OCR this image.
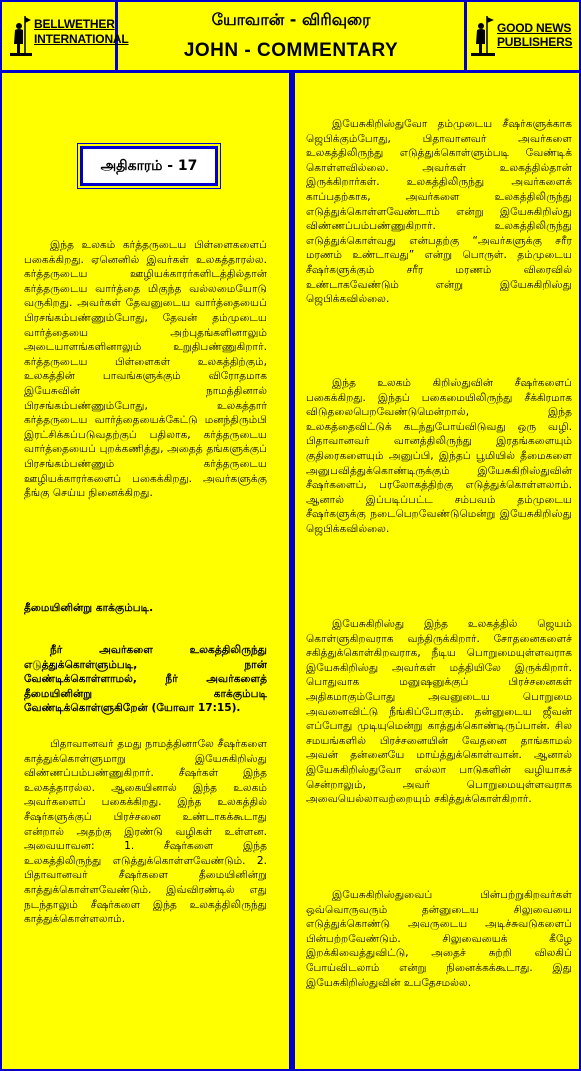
BELLWETHER
INTERNATIONAL
யோவான் - விரிவுரை
JOHN - COMMENTARY
GOOD NEWS
PUBLISHERS
அதிகாரம் - 17

இந்த உலகம் கர்த்தருடைய பிள்ளைகளைப் பகைக்கிறது. ஏனெனில் இவர்கள் உலகத்தாரல்ல. கர்த்தருடைய ஊழியக்காரர்களிடத்தில்தான் கர்த்தருடைய வார்த்தை மிகுந்த வல்லமையோடு வருகிறது. அவர்கள் தேவனுடைய வார்த்தையைப் பிரசங்கம்பண்ணும்போது, தேவன் தம்முடைய வார்த்தையை அற்புதங்களினாலும் அடையாளங்களினாலும் உறுதிபண்ணுகிறார். கர்த்தருடைய பிள்ளைகள் உலகத்திற்கும், உலகத்தின் பாவங்களுக்கும் விரோதமாக இயேசுவின் நாமத்தினால் பிரசங்கம்பண்ணும்போது, உலகத்தார் கர்த்தருடைய வார்த்தையைக்கேட்டு மனந்திரும்பி இரட்சிக்கப்படுவதற்குப் பதிலாக, கர்த்தருடைய வார்த்தையைப் புறக்கணித்து, அதைத் தங்களுக்குப் பிரசங்கம்பண்ணும் கர்த்தருடைய ஊழியக்காரர்களைப் பகைக்கிறது. அவர்களுக்கு தீங்கு செய்ய நினைக்கிறது.

தீமையினின்று காக்கும்படி.

நீர் அவர்களை உலகத்திலிருந்து எடுத்துக்கொள்ளும்படி, நான் வேண்டிக்கொள்ளாமல், நீர் அவர்களைத் தீமையினின்று காக்கும்படி வேண்டிக்கொள்ளுகிறேன் (யோவா 17:15).

பிதாவானவர் தமது நாமத்தினாலே சீஷர்களை காத்துக்கொள்ளுமாறு இயேசுகிறிஸ்து விண்ணப்பம்பண்ணுகிறார். சீஷர்கள் இந்த உலகத்தாரல்ல. ஆகையினால் இந்த உலகம் அவர்களைப் பகைக்கிறது. இந்த உலகத்தில் சீஷர்களுக்குப் பிரச்சனை உண்டாகக்கூடாது என்றால் அதற்கு இரண்டு வழிகள் உள்ளன. அவையாவன: 1. சீஷர்களை இந்த உலகத்திலிருந்து எடுத்துக்கொள்ளவேண்டும். 2. பிதாவானவர் சீஷர்களை தீமையினின்று காத்துக்கொள்ளவேண்டும். இவ்விரண்டில் எது நடந்தாலும் சீஷர்களை இந்த உலகத்திலிருந்து காத்துக்கொள்ளலாம்.

இயேசுகிறிஸ்துவோ தம்முடைய சீஷர்களுக்காக ஜெபிக்கும்போது, பிதாவானவர் அவர்களை உலகத்திலிருந்து எடுத்துக்கொள்ளும்படி வேண்டிக் கொள்ளவில்லை. அவர்கள் உலகத்தில்தான் இருக்கிறார்கள். உலகத்திலிருந்து அவர்களைக் காப்பதற்காக, அவர்களை உலகத்திலிருந்து எடுத்துக்கொள்ளவேண்டாம் என்று இயேசுகிறிஸ்து விண்ணப்பம்பண்ணுகிறார். உலகத்திலிருந்து எடுத்துக்கொள்வது என்பதற்கு “அவர்களுக்கு சரீர மரணம் உண்டாவது” என்று பொருள். தம்முடைய சீஷர்களுக்கும் சரீர மரணம் விரைவில் உண்டாகவேண்டும் என்று இயேசுகிறிஸ்து ஜெபிக்கவில்லை.

இந்த உலகம் கிறிஸ்துவின் சீஷர்களைப் பகைக்கிறது. இந்தப் பகைமையிலிருந்து சீக்கிரமாக விடுதலைபெறவேண்டுமென்றால், இந்த உலகத்தைவிட்டுக் கடந்துபோய்விடுவது ஒரு வழி. பிதாவானவர் வானத்திலிருந்து இரதங்களையும் குதிரைகளையும் அனுப்பி, இந்தப் பூமியில் தீமைகளை அனுபவித்துக்கொண்டிருக்கும் இயேசுகிறிஸ்துவின் சீஷர்களைப், பரலோகத்திற்கு எடுத்துக்கொள்ளலாம். ஆனால் இப்படிப்பட்ட சம்பவம் தம்முடைய சீஷர்களுக்கு நடைபெறவேண்டுமென்று இயேசுகிறிஸ்து ஜெபிக்கவில்லை.

இயேசுகிறிஸ்து இந்த உலகத்தில் ஜெயம் கொள்ளுகிறவராக வந்திருக்கிறார். சோதனைகளைச் சகித்துக்கொள்கிறவராக, நீடிய பொறுமையுள்ளவராக இயேசுகிறிஸ்து அவர்கள் மத்தியிலே இருக்கிறார். பொதுவாக மனுஷனுக்குப் பிரச்சனைகள் அதிகமாகும்போது அவனுடைய பொறுமை அவனைவிட்டு நீங்கிப்போகும். தன்னுடைய ஜீவன் எப்போது முடியுமென்று காத்துக்கொண்டிருப்பான். சில சமயங்களில் பிரச்சனையின் வேதனை தாங்காமல் அவன் தன்னையே மாய்த்துக்கொள்வான். ஆனால் இயேசுகிறிஸ்துவோ எல்லா பாடுகளின் வழியாகச் சென்றாலும், அவர் பொறுமையுள்ளவராக அவையெல்லாவற்றையும் சகித்துக்கொள்கிறார்.

இயேசுகிறிஸ்துவைப் பின்பற்றுகிறவர்கள் ஒவ்வொருவரும் தன்னுடைய சிலுவையை எடுத்துக்கொண்டு அவருடைய அடிச்சுவடுகளைப் பின்பற்றவேண்டும். சிலுவையைக் கீழே இறக்கிவைத்துவிட்டு, அதைச் சுற்றி விலகிப் போய்விடலாம் என்று நினைக்கக்கூடாது. இது இயேசுகிறிஸ்துவின் உபதேசமல்ல.
